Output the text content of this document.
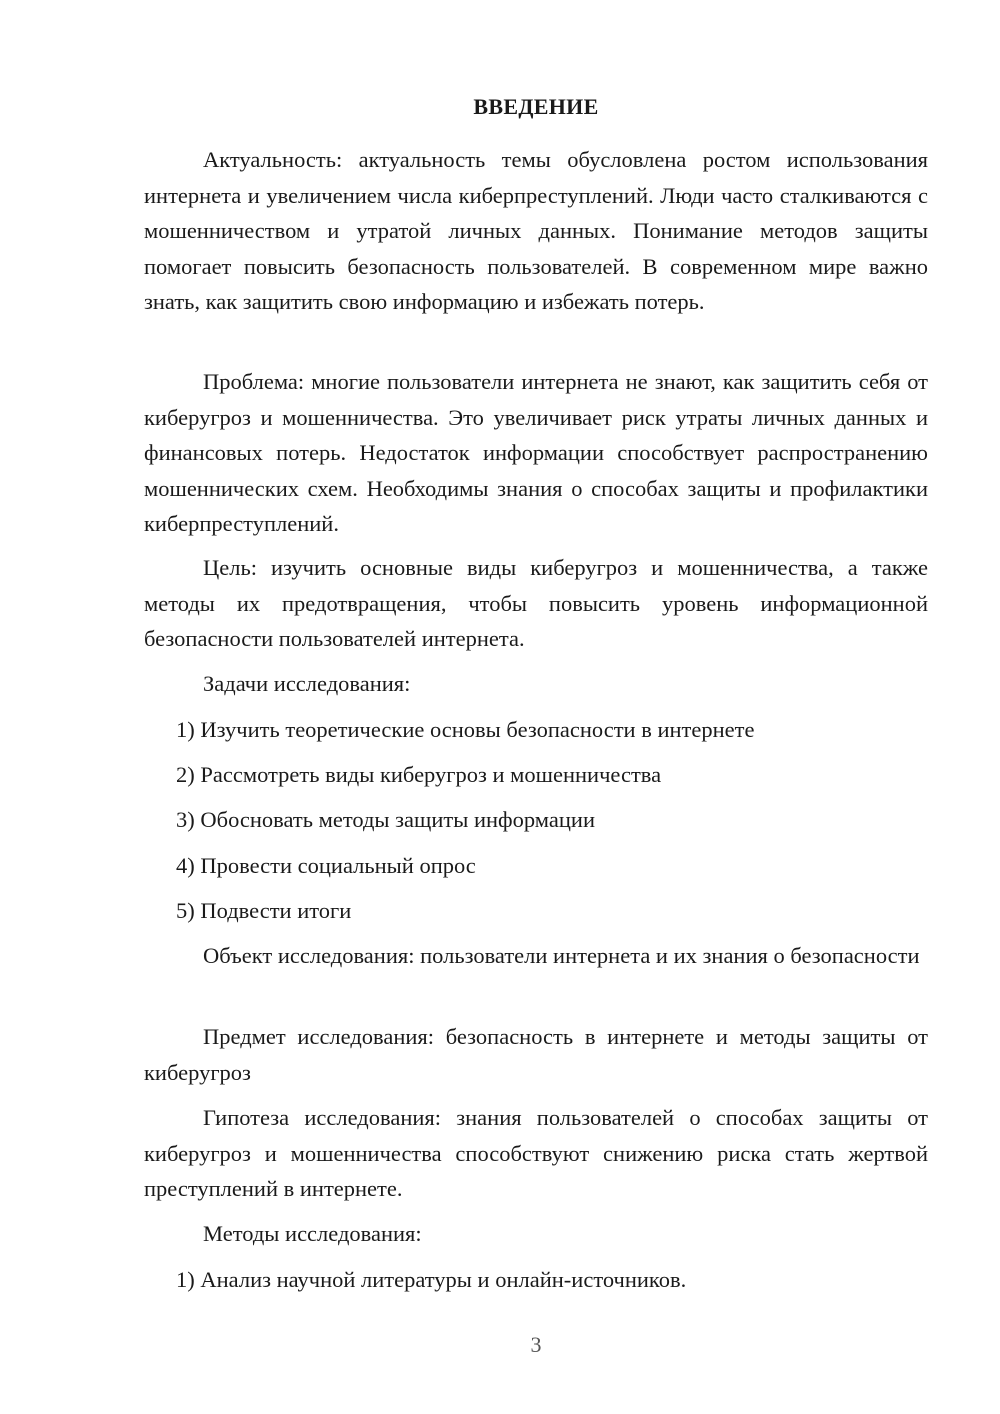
ВВЕДЕНИЕ

Актуальность: актуальность темы обусловлена ростом использования интернета и увеличением числа киберпреступлений. Люди часто сталкиваются с мошенничеством и утратой личных данных. Понимание методов защиты помогает повысить безопасность пользователей. В современном мире важно знать, как защитить свою информацию и избежать потерь.

Проблема: многие пользователи интернета не знают, как защитить себя от киберугроз и мошенничества. Это увеличивает риск утраты личных данных и финансовых потерь. Недостаток информации способствует распространению мошеннических схем. Необходимы знания о способах защиты и профилактики киберпреступлений.

Цель: изучить основные виды киберугроз и мошенничества, а также методы их предотвращения, чтобы повысить уровень информационной безопасности пользователей интернета.

Задачи исследования:

1) Изучить теоретические основы безопасности в интернете

2) Рассмотреть виды киберугроз и мошенничества

3) Обосновать методы защиты информации

4) Провести социальный опрос

5) Подвести итоги

Объект исследования: пользователи интернета и их знания о безопасности

Предмет исследования: безопасность в интернете и методы защиты от киберугроз

Гипотеза исследования: знания пользователей о способах защиты от киберугроз и мошенничества способствуют снижению риска стать жертвой преступлений в интернете.

Методы исследования:

1) Анализ научной литературы и онлайн-источников.

3
